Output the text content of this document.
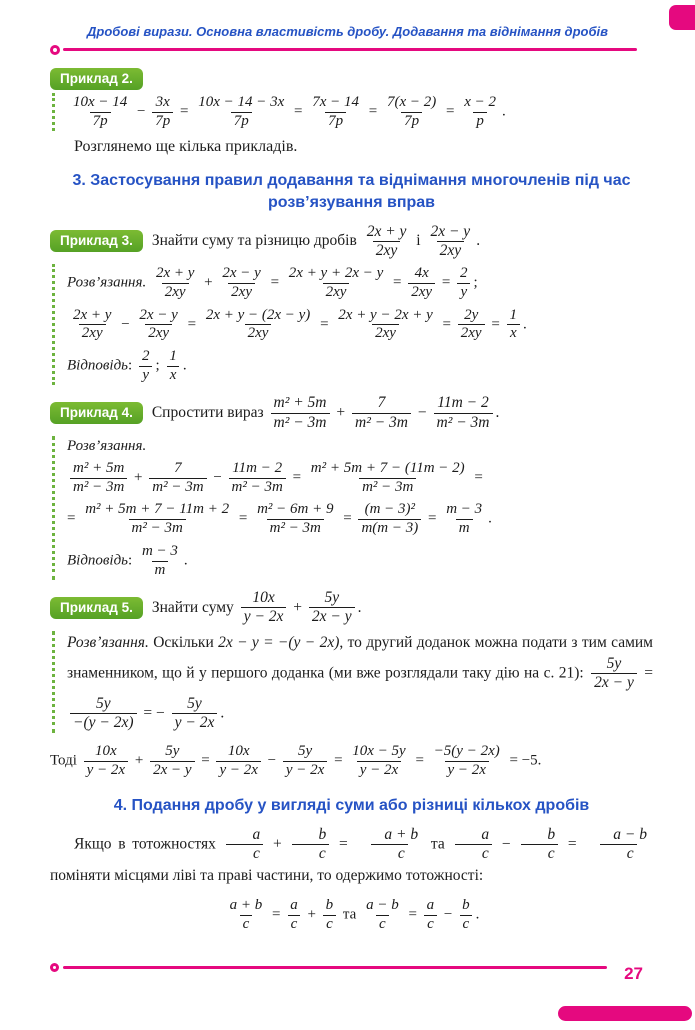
Дробові вирази. Основна властивість дробу. Додавання та віднімання дробів
Приклад 2.
$\frac{10x - 14}{7p} - \frac{3x}{7p} = \frac{10x - 14 - 3x}{7p} = \frac{7x - 14}{7p} = \frac{7(x - 2)}{7p} = \frac{x - 2}{p}$ .
Розглянемо ще кілька прикладів.
3. Застосування правил додавання та віднімання многочленів під час розв’язування вправ
Приклад 3. Знайти суму та різницю дробів $\frac{2x + y}{2xy}$ і $\frac{2x - y}{2xy}$ .
Розв’язання. $\frac{2x + y}{2xy} + \frac{2x - y}{2xy} = \frac{2x + y + 2x - y}{2xy} = \frac{4x}{2xy} = \frac{2}{y}$ ;
$\frac{2x + y}{2xy} - \frac{2x - y}{2xy} = \frac{2x + y - (2x - y)}{2xy} = \frac{2x + y - 2x + y}{2xy} = \frac{2y}{2xy} = \frac{1}{x}$ .
Відповідь: $\frac{2}{y}$ ; $\frac{1}{x}$ .
Приклад 4. Спростити вираз $\frac{\text{m² + 5m}}{\text{m² − 3m}} + \frac{7}{\text{m² − 3m}} - \frac{11m - 2}{\text{m² − 3m}}$ .
Розв’язання.
$\frac{\text{m² + 5m}}{\text{m² − 3m}} + \frac{7}{\text{m² − 3m}} - \frac{11m - 2}{\text{m² − 3m}} = \frac{\text{m² + 5m + 7 − (11m − 2)}}{\text{m² − 3m}}$ =
= $\frac{\text{m² + 5m + 7 − 11m + 2}}{\text{m² − 3m}} = \frac{\text{m² − 6m + 9}}{\text{m² − 3m}} = \frac{\text{(m − 3)²}}{m(m - 3)} = \frac{m - 3}{m}$ .
Відповідь: $\frac{m - 3}{m}$ .
Приклад 5. Знайти суму $\frac{10x}{y - 2x} + \frac{5y}{2x - y}$ .
Розв’язання. Оскільки 2x − y = −(y − 2x), то другий доданок можна подати з тим самим знаменником, що й у першого доданка (ми вже розглядали таку дію на с. 21): $\frac{5y}{2x - y}$ =
$\frac{5y}{-(y - 2x)}$ = − $\frac{5y}{y - 2x}$ .
Тоді $\frac{10x}{y - 2x} + \frac{5y}{2x - y} = \frac{10x}{y - 2x} - \frac{5y}{y - 2x} = \frac{10x - 5y}{y - 2x} = \frac{-5(y - 2x)}{y - 2x} = -5$.
4. Подання дробу у вигляді суми або різниці кількох дробів
Якщо в тотожностях $\frac{a}{c} + \frac{b}{c} = \frac{a + b}{c}$ та $\frac{a}{c} - \frac{b}{c} = \frac{a - b}{c}$
поміняти місцями ліві та праві частини, то одержимо тотожності:
$\frac{a + b}{c} = \frac{a}{c} + \frac{b}{c}$ та $\frac{a - b}{c} = \frac{a}{c} - \frac{b}{c}$ .
27
